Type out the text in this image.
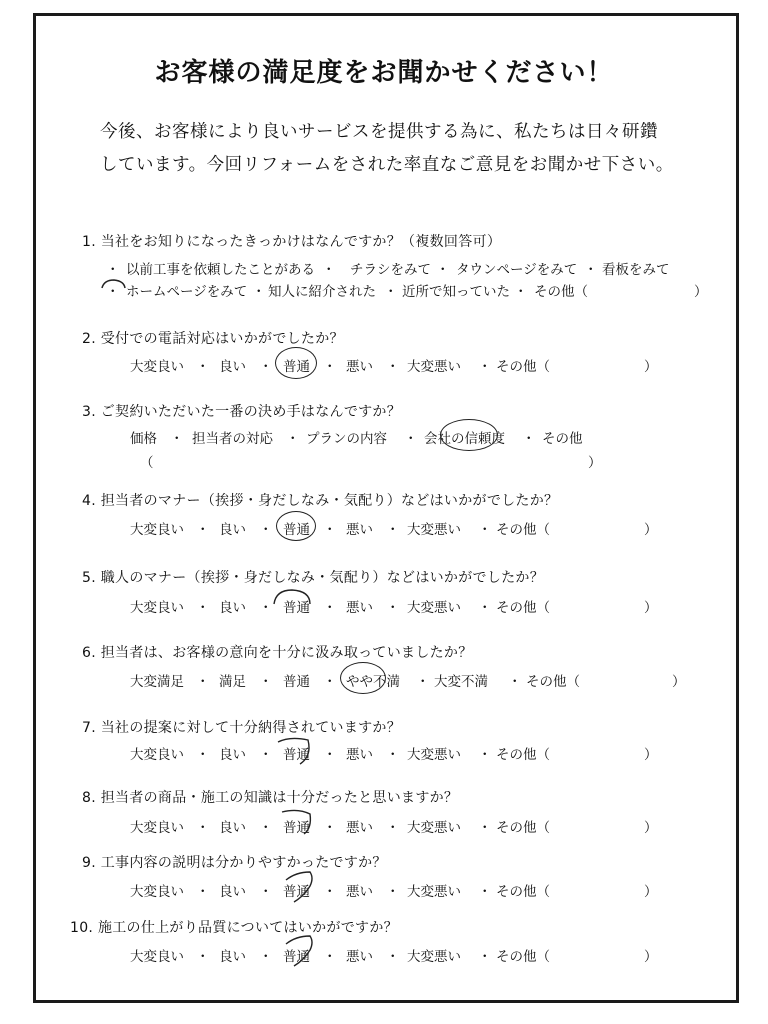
お客様の満足度をお聞かせください！
今後、お客様により良いサービスを提供する為に、私たちは日々研鑽
しています。今回リフォームをされた率直なご意見をお聞かせ下さい。
1. 当社をお知りになったきっかけはなんですか？（複数回答可）
・ 以前工事を依頼したことがある ・ チラシをみて ・ タウンページをみて ・ 看板をみて
・ ホームページをみて ・ 知人に紹介された ・ 近所で知っていた ・ その他（	）
2. 受付での電話対応はいかがでしたか？
大変良い ・ 良い ・ 普通 ・ 悪い ・ 大変悪い ・ その他（	）
3. ご契約いただいた一番の決め手はなんですか？
価格 ・ 担当者の対応 ・ プランの内容 ・ 会社の信頼度 ・ その他
（	）
4. 担当者のマナー（挨拶・身だしなみ・気配り）などはいかがでしたか？
大変良い ・ 良い ・ 普通 ・ 悪い ・ 大変悪い ・ その他（	）
5. 職人のマナー（挨拶・身だしなみ・気配り）などはいかがでしたか？
大変良い ・ 良い ・ 普通 ・ 悪い ・ 大変悪い ・ その他（	）
6. 担当者は、お客様の意向を十分に汲み取っていましたか？
大変満足 ・ 満足 ・ 普通 ・ やや不満 ・ 大変不満 ・ その他（	）
7. 当社の提案に対して十分納得されていますか？
大変良い ・ 良い ・ 普通 ・ 悪い ・ 大変悪い ・ その他（	）
8. 担当者の商品・施工の知識は十分だったと思いますか？
大変良い ・ 良い ・ 普通 ・ 悪い ・ 大変悪い ・ その他（	）
9. 工事内容の説明は分かりやすかったですか？
大変良い ・ 良い ・ 普通 ・ 悪い ・ 大変悪い ・ その他（	）
10. 施工の仕上がり品質についてはいかがですか？
大変良い ・ 良い ・ 普通 ・ 悪い ・ 大変悪い ・ その他（	）
